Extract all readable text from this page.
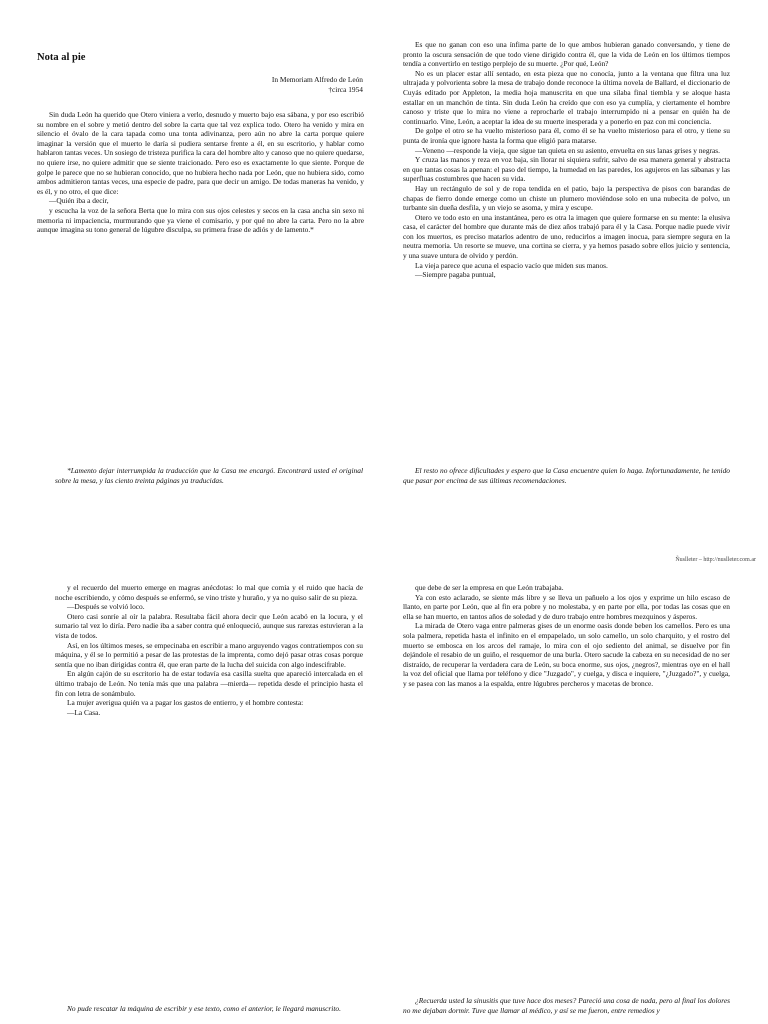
Nota al pie
In Memoriam Alfredo de León
†circa 1954

Sin duda León ha querido que Otero viniera a verlo, desnudo y muerto bajo esa sábana, y por eso escribió su nombre en el sobre y metió dentro del sobre la carta que tal vez explica todo. Otero ha venido y mira en silencio el óvalo de la cara tapada como una tonta adivinanza, pero aún no abre la carta porque quiere imaginar la versión que el muerto le daría si pudiera sentarse frente a él, en su escritorio, y hablar como hablaron tantas veces. Un sosiego de tristeza purifica la cara del hombre alto y canoso que no quiere quedarse, no quiere irse, no quiere admitir que se siente traicionado. Pero eso es exactamente lo que siente. Porque de golpe le parece que no se hubieran conocido, que no hubiera hecho nada por León, que no hubiera sido, como ambos admitieron tantas veces, una especie de padre, para que decir un amigo. De todas maneras ha venido, y es él, y no otro, el que dice:

—Quién iba a decir,

y escucha la voz de la señora Berta que lo mira con sus ojos celestes y secos en la casa ancha sin sexo ni memoria ni impaciencia, murmurando que ya viene el comisario, y por qué no abre la carta. Pero no la abre aunque imagina su tono general de lúgubre disculpa, su primera frase de adiós y de lamento.*

*Lamento dejar interrumpida la traducción que la Casa me encargó. Encontrará usted el original sobre la mesa, y las ciento treinta páginas ya traducidas.

Es que no ganan con eso una ínfima parte de lo que ambos hubieran ganado conversando, y tiene de pronto la oscura sensación de que todo viene dirigido contra él, que la vida de León en los últimos tiempos tendía a convertirlo en testigo perplejo de su muerte. ¿Por qué, León?

No es un placer estar allí sentado, en esta pieza que no conocía, junto a la ventana que filtra una luz ultrajada y polvorienta sobre la mesa de trabajo donde reconoce la última novela de Ballard, el diccionario de Cuyás editado por Appleton, la media hoja manuscrita en que una sílaba final tiembla y se aloque hasta estallar en un manchón de tinta. Sin duda León ha creído que con eso ya cumplía, y ciertamente el hombre canoso y triste que lo mira no viene a reprocharle el trabajo interrumpido ni a pensar en quién ha de continuarlo. Vine, León, a aceptar la idea de su muerte inesperada y a ponerlo en paz con mi conciencia.

De golpe el otro se ha vuelto misterioso para él, como él se ha vuelto misterioso para el otro, y tiene su punta de ironía que ignore hasta la forma que eligió para matarse.

—Veneno —responde la vieja, que sigue tan quieta en su asiento, envuelta en sus lanas grises y negras.

Y cruza las manos y reza en voz baja, sin llorar ni siquiera sufrir, salvo de esa manera general y abstracta en que tantas cosas la apenan: el paso del tiempo, la humedad en las paredes, los agujeros en las sábanas y las superfluas costumbres que hacen su vida.

Hay un rectángulo de sol y de ropa tendida en el patio, bajo la perspectiva de pisos con barandas de chapas de fierro donde emerge como un chiste un plumero moviéndose solo en una nubecita de polvo, un turbante sin dueña desfila, y un viejo se asoma, y mira y escupe.

Otero ve todo esto en una instantánea, pero es otra la imagen que quiere formarse en su mente: la elusiva casa, el carácter del hombre que durante más de diez años trabajó para él y la Casa. Porque nadie puede vivir con los muertos, es preciso matarlos adentro de uno, reducirlos a imagen inocua, para siempre segura en la neutra memoria. Un resorte se mueve, una cortina se cierra, y ya hemos pasado sobre ellos juicio y sentencia, y una suave untura de olvido y perdón.

La vieja parece que acuna el espacio vacío que miden sus manos.

—Siempre pagaba puntual,

El resto no ofrece dificultades y espero que la Casa encuentre quien lo haga. Infortunadamente, he tenido que pasar por encima de sus últimas recomendaciones.

Ñuslleter – http://nuslleter.com.ar

y el recuerdo del muerto emerge en magras anécdotas: lo mal que comía y el ruido que hacía de noche escribiendo, y cómo después se enfermó, se vino triste y huraño, y ya no quiso salir de su pieza.

—Después se volvió loco.

Otero casi sonríe al oír la palabra. Resultaba fácil ahora decir que León acabó en la locura, y el sumario tal vez lo diría. Pero nadie iba a saber contra qué enloqueció, aunque sus rarezas estuvieran a la vista de todos.

Así, en los últimos meses, se empecinaba en escribir a mano arguyendo vagos contratiempos con su máquina, y él se lo permitió a pesar de las protestas de la imprenta, como dejó pasar otras cosas porque sentía que no iban dirigidas contra él, que eran parte de la lucha del suicida con algo indescifrable.

En algún cajón de su escritorio ha de estar todavía esa casilla suelta que apareció intercalada en el último trabajo de León. No tenía más que una palabra —mierda— repetida desde el principio hasta el fin con letra de sonámbulo.

La mujer averigua quién va a pagar los gastos de entierro, y el hombre contesta:

—La Casa.

No pude rescatar la máquina de escribir y ese texto, como el anterior, le llegará manuscrito.

que debe de ser la empresa en que León trabajaba.

Ya con esto aclarado, se siente más libre y se lleva un pañuelo a los ojos y exprime un hilo escaso de llanto, en parte por León, que al fin era pobre y no molestaba, y en parte por ella, por todas las cosas que en ella se han muerto, en tantos años de soledad y de duro trabajo entre hombres mezquinos y ásperos.

La mirada de Otero vaga entre palmeras gises de un enorme oasis donde beben los camellos. Pero es una sola palmera, repetida hasta el infinito en el empapelado, un solo camello, un solo charquito, y el rostro del muerto se embosca en los arcos del ramaje, lo mira con el ojo sediento del animal, se disuelve por fin dejándole el resabio de un guiño, el resquemor de una burla. Otero sacude la cabeza en su necesidad de no ser distraído, de recuperar la verdadera cara de León, su boca enorme, sus ojos, ¿negros?, mientras oye en el hall la voz del oficial que llama por teléfono y dice "Juzgado", y cuelga, y disca e inquiere, "¿Juzgado?", y cuelga, y se pasea con las manos a la espalda, entre lúgubres percheros y macetas de bronce.

¿Recuerda usted la sinusitis que tuve hace dos meses? Pareció una cosa de nada, pero al final los dolores no me dejaban dormir. Tuve que llamar al médico, y así se me fueron, entre remedios y
